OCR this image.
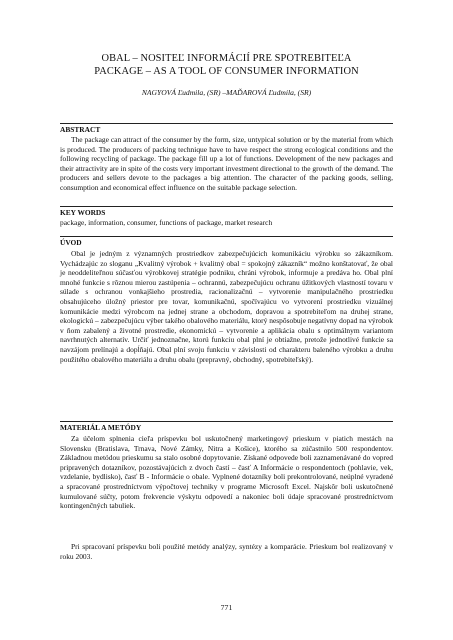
OBAL – NOSITEĽ INFORMÁCIÍ PRE SPOTREBITEĽA
PACKAGE – AS A TOOL OF CONSUMER INFORMATION
NAGYOVÁ Ľudmila, (SR) –MAĎAROVÁ Ľudmila, (SR)
ABSTRACT

The package can attract of the consumer by the form, size, untypical solution or by the material from which is produced. The producers of packing technique have to have respect the strong ecological conditions and the following recycling of package. The package fill up a lot of functions. Development of the new packages and their attractivity are in spite of the costs very important investment directional to the growth of the demand. The producers and sellers devote to the packages a big attention. The character of the packing goods, selling, consumption and economical effect influence on the suitable package selection.

KEY WORDS

package, information, consumer, functions of package, market research

ÚVOD

Obal je jedným z významných prostriedkov zabezpečujúcich komunikáciu výrobku so zákazníkom. Vychádzajúc zo sloganu „Kvalitný výrobok + kvalitný obal = spokojný zákazník“ možno konštatovať, že obal je neoddeliteľnou súčasťou výrobkovej stratégie podniku, chráni výrobok, informuje a predáva ho. Obal plní mnohé funkcie s rôznou mierou zastúpenia – ochrannú, zabezpečujúcu ochranu úžitkových vlastností tovaru v súlade s ochranou vonkajšieho prostredia, racionalizačnú – vytvorenie manipulačného prostriedku obsahujúceho úložný priestor pre tovar, komunikačnú, spočívajúcu vo vytvorení prostriedku vizuálnej komunikácie medzi výrobcom na jednej strane a obchodom, dopravou a spotrebiteľom na druhej strane, ekologickú – zabezpečujúcu výber takého obalového materiálu, ktorý nespôsobuje negatívny dopad na výrobok v ňom zabalený a životné prostredie, ekonomickú – vytvorenie a aplikácia obalu s optimálnym variantom navrhnutých alternatív. Určiť jednoznačne, ktorú funkciu obal plní je obtiažne, pretože jednotlivé funkcie sa navzájom prelínajú a dopĺňajú. Obal plní svoju funkciu v závislosti od charakteru baleného výrobku a druhu použitého obalového materiálu a druhu obalu (prepravný, obchodný, spotrebiteľský).

MATERIÁL A METÓDY

Za účelom splnenia cieľa príspevku bol uskutočnený marketingový prieskum v piatich mestách na Slovensku (Bratislava, Trnava, Nové Zámky, Nitra a Košice), ktorého sa zúčastnilo 500 respondentov. Základnou metódou prieskumu sa stalo osobné dopytovanie. Získané odpovede boli zaznamenávané do vopred pripravených dotazníkov, pozostávajúcich z dvoch častí – časť A Informácie o respondentoch (pohlavie, vek, vzdelanie, bydlisko), časť B - Informácie o obale. Vyplnené dotazníky boli prekontrolované, neúplné vyradené a spracované prostredníctvom výpočtovej techniky v programe Microsoft Excel. Najskôr boli uskutočnené kumulované súčty, potom frekvencie výskytu odpovedí a nakoniec boli údaje spracované prostredníctvom kontingenčných tabuliek.

Pri spracovaní príspevku boli použité metódy analýzy, syntézy a komparácie. Prieskum bol realizovaný v roku 2003.

771
